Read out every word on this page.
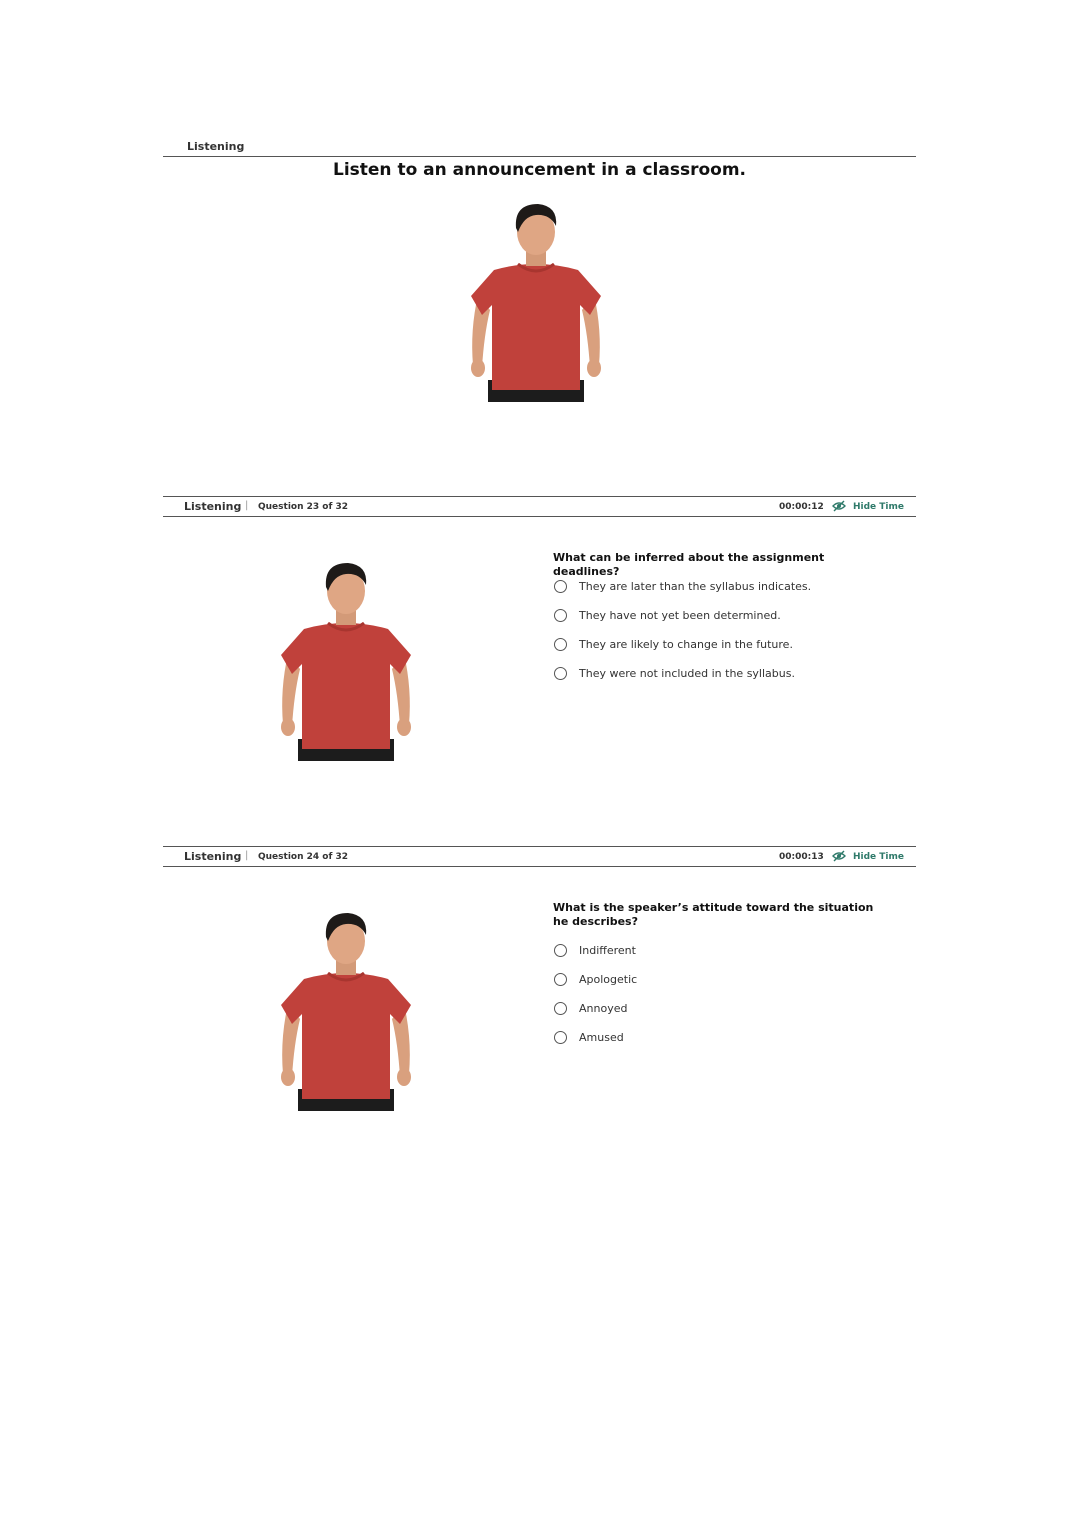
Listening
Listen to an announcement in a classroom.
Listening | Question 23 of 32	00:00:12	Hide Time
What can be inferred about the assignment deadlines?
They are later than the syllabus indicates.
They have not yet been determined.
They are likely to change in the future.
They were not included in the syllabus.
Listening | Question 24 of 32	00:00:13	Hide Time
What is the speaker’s attitude toward the situation he describes?
Indifferent
Apologetic
Annoyed
Amused
